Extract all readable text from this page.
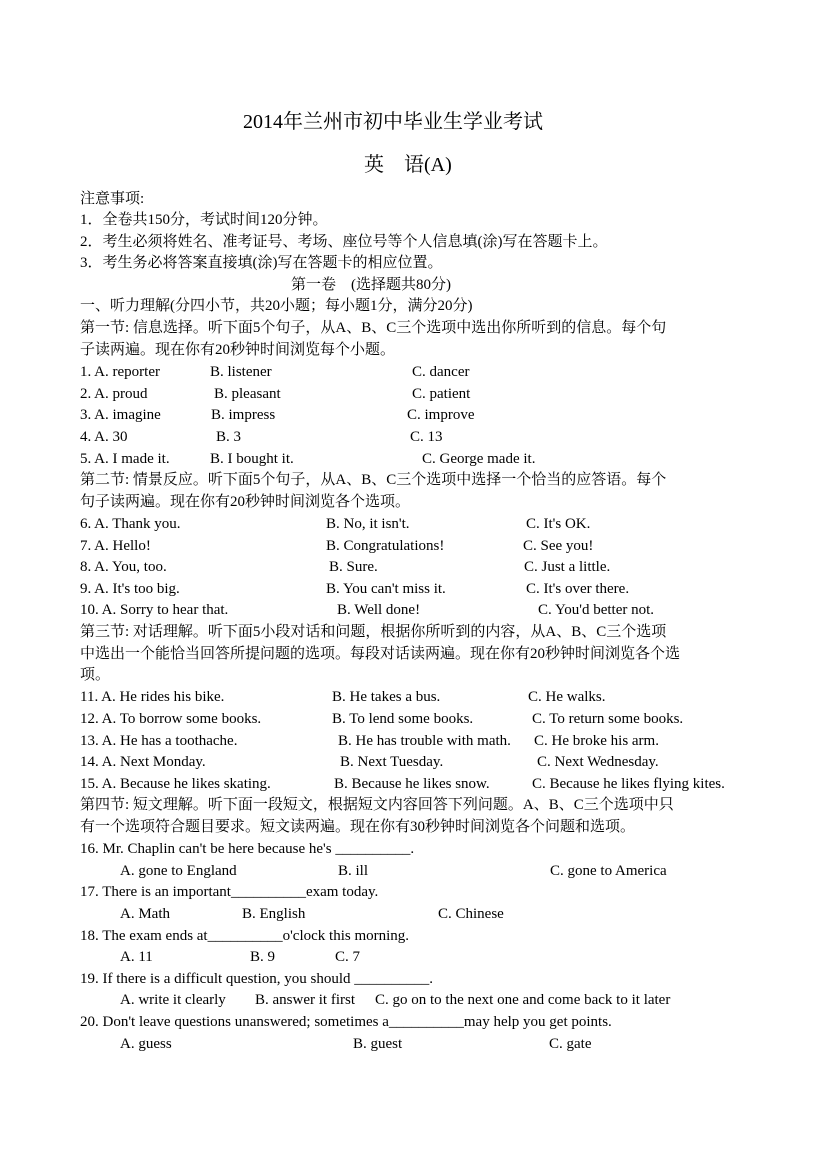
2014年兰州市初中毕业生学业考试
英　语(A)
注意事项:
1．全卷共150分，考试时间120分钟。
2．考生必须将姓名、准考证号、考场、座位号等个人信息填(涂)写在答题卡上。
3．考生务必将答案直接填(涂)写在答题卡的相应位置。
第一卷　(选择题共80分)
一、听力理解(分四小节，共20小题；每小题1分，满分20分)
第一节: 信息选择。听下面5个句子，从A、B、C三个选项中选出你所听到的信息。每个句
子读两遍。现在你有20秒钟时间浏览每个小题。
1. A. reporter	B. listener	C. dancer
2. A. proud	B. pleasant	C. patient
3. A. imagine	B. impress	C. improve
4. A. 30	B. 3	C. 13
5. A. I made it.	B. I bought it.	C. George made it.
第二节: 情景反应。听下面5个句子，从A、B、C三个选项中选择一个恰当的应答语。每个
句子读两遍。现在你有20秒钟时间浏览各个选项。
6. A. Thank you.	B. No, it isn't.	C. It's OK.
7. A. Hello!	B. Congratulations!	C. See you!
8. A. You, too.	B. Sure.	C. Just a little.
9. A. It's too big.	B. You can't miss it.	C. It's over there.
10. A. Sorry to hear that.	B. Well done!	C. You'd better not.
第三节: 对话理解。听下面5小段对话和问题，根据你所听到的内容，从A、B、C三个选项
中选出一个能恰当回答所提问题的选项。每段对话读两遍。现在你有20秒钟时间浏览各个选
项。
11. A. He rides his bike.	B. He takes a bus.	C. He walks.
12. A. To borrow some books.	B. To lend some books.	C. To return some books.
13. A. He has a toothache.	B. He has trouble with math. C. He broke his arm.
14. A. Next Monday.	B. Next Tuesday.	C. Next Wednesday.
15. A. Because he likes skating.	B. Because he likes snow.	C. Because he likes flying kites.
第四节: 短文理解。听下面一段短文，根据短文内容回答下列问题。A、B、C三个选项中只
有一个选项符合题目要求。短文读两遍。现在你有30秒钟时间浏览各个问题和选项。
16. Mr. Chaplin can't be here because he's __________.
A. gone to England	B. ill	C. gone to America
17. There is an important__________exam today.
A. Math	B. English	C. Chinese
18. The exam ends at__________o'clock this morning.
A. 11	B. 9	C. 7
19. If there is a difficult question, you should __________.
A. write it clearly B. answer it first C. go on to the next one and come back to it later
20. Don't leave questions unanswered; sometimes a__________may help you get points.
A. guess	B. guest	C. gate
